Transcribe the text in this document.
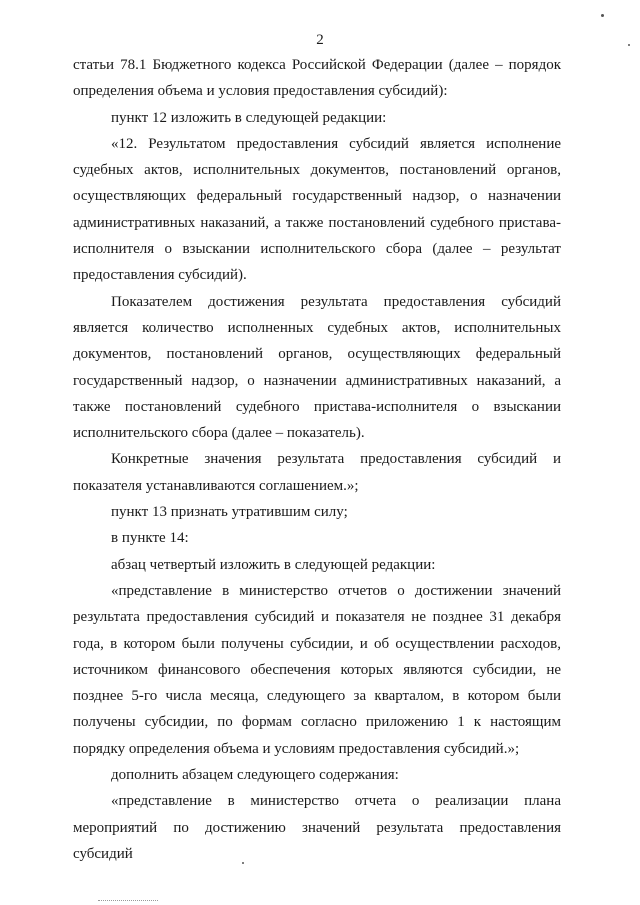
2

статьи 78.1 Бюджетного кодекса Российской Федерации (далее – порядок определения объема и условия предоставления субсидий):

пункт 12 изложить в следующей редакции:

«12. Результатом предоставления субсидий является исполнение судебных актов, исполнительных документов, постановлений органов, осуществляющих федеральный государственный надзор, о назначении административных наказаний, а также постановлений судебного пристава-исполнителя о взыскании исполнительского сбора (далее – результат предоставления субсидий).

Показателем достижения результата предоставления субсидий является количество исполненных судебных актов, исполнительных документов, постановлений органов, осуществляющих федеральный государственный надзор, о назначении административных наказаний, а также постановлений судебного пристава-исполнителя о взыскании исполнительского сбора (далее – показатель).

Конкретные значения результата предоставления субсидий и показателя устанавливаются соглашением.»;

пункт 13 признать утратившим силу;

в пункте 14:

абзац четвертый изложить в следующей редакции:

«представление в министерство отчетов о достижении значений результата предоставления субсидий и показателя не позднее 31 декабря года, в котором были получены субсидии, и об осуществлении расходов, источником финансового обеспечения которых являются субсидии, не позднее 5-го числа месяца, следующего за кварталом, в котором были получены субсидии, по формам согласно приложению 1 к настоящим порядку определения объема и условиям предоставления субсидий.»;

дополнить абзацем следующего содержания:

«представление в министерство отчета о реализации плана мероприятий по достижению значений результата предоставления субсидий
